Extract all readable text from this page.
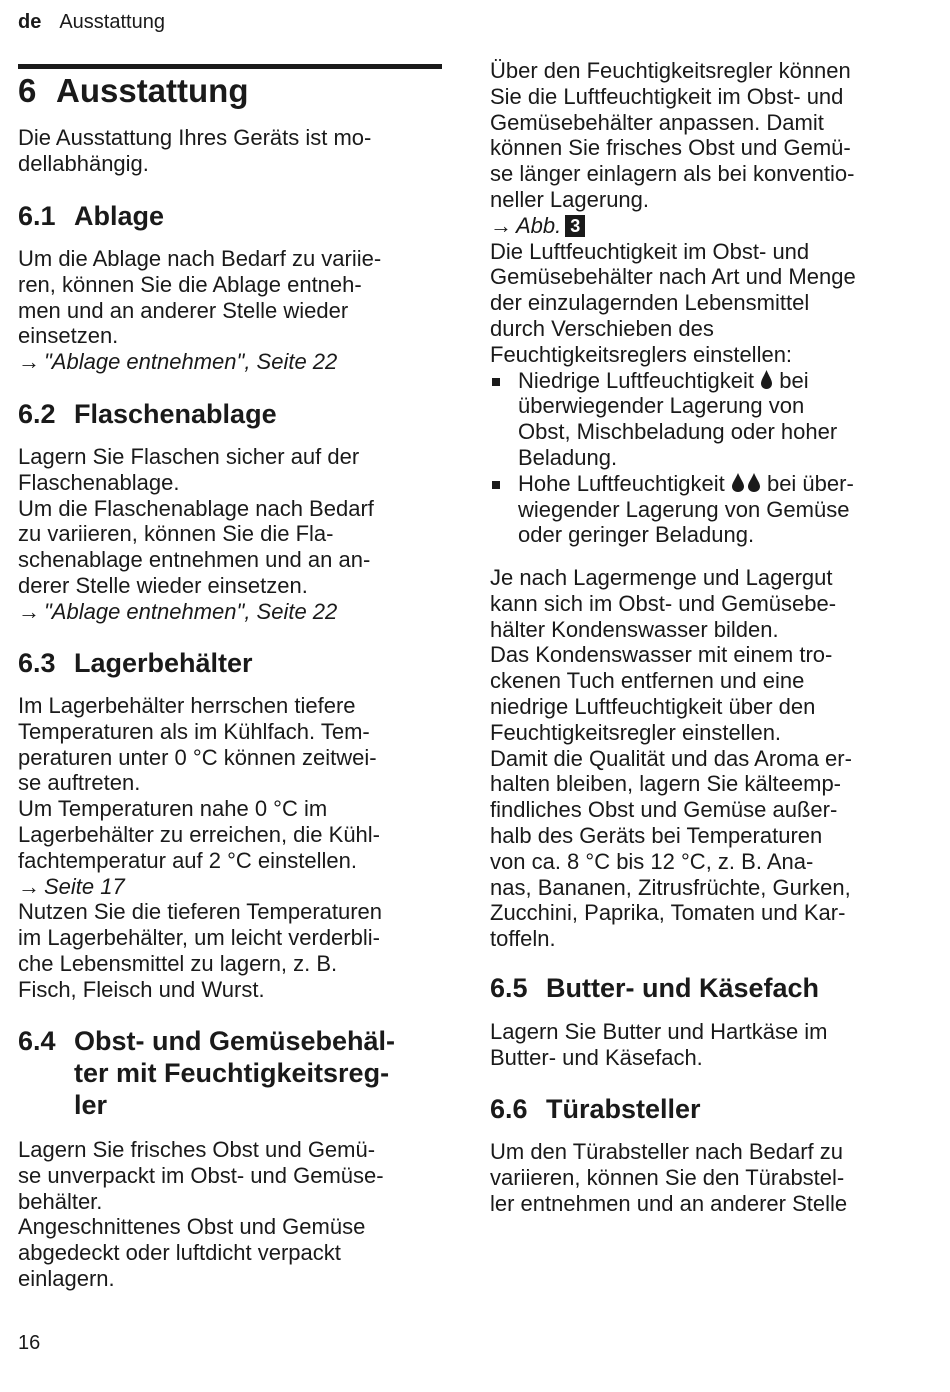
de Ausstattung
6 Ausstattung

Die Ausstattung Ihres Geräts ist mo-

dellabhängig.

6.1 Ablage

Um die Ablage nach Bedarf zu variie-

ren, können Sie die Ablage entneh-

men und an anderer Stelle wieder

einsetzen.

→ "Ablage entnehmen", Seite 22

6.2 Flaschenablage

Lagern Sie Flaschen sicher auf der

Flaschenablage.

Um die Flaschenablage nach Bedarf

zu variieren, können Sie die Fla-

schenablage entnehmen und an an-

derer Stelle wieder einsetzen.

→ "Ablage entnehmen", Seite 22

6.3 Lagerbehälter

Im Lagerbehälter herrschen tiefere

Temperaturen als im Kühlfach. Tem-

peraturen unter 0 °C können zeitwei-

se auftreten.

Um Temperaturen nahe 0 °C im

Lagerbehälter zu erreichen, die Kühl-

fachtemperatur auf 2 °C einstellen.

→ Seite 17

Nutzen Sie die tieferen Temperaturen

im Lagerbehälter, um leicht verderbli-

che Lebensmittel zu lagern, z. B.

Fisch, Fleisch und Wurst.

6.4 Obst- und Gemüsebehäl-
ter mit Feuchtigkeitsreg-
ler

Lagern Sie frisches Obst und Gemü-

se unverpackt im Obst- und Gemüse-

behälter.

Angeschnittenes Obst und Gemüse

abgedeckt oder luftdicht verpackt

einlagern.

Über den Feuchtigkeitsregler können

Sie die Luftfeuchtigkeit im Obst- und

Gemüsebehälter anpassen. Damit

können Sie frisches Obst und Gemü-

se länger einlagern als bei konventio-

neller Lagerung.

→ Abb. 3

Die Luftfeuchtigkeit im Obst- und

Gemüsebehälter nach Art und Menge

der einzulagernden Lebensmittel

durch Verschieben des

Feuchtigkeitsreglers einstellen:

Niedrige Luftfeuchtigkeit bei
überwiegender Lagerung von
Obst, Mischbeladung oder hoher
Beladung.
Hohe Luftfeuchtigkeit bei über-
wiegender Lagerung von Gemüse
oder geringer Beladung.

Je nach Lagermenge und Lagergut

kann sich im Obst- und Gemüsebe-

hälter Kondenswasser bilden.

Das Kondenswasser mit einem tro-

ckenen Tuch entfernen und eine

niedrige Luftfeuchtigkeit über den

Feuchtigkeitsregler einstellen.

Damit die Qualität und das Aroma er-

halten bleiben, lagern Sie kälteemp-

findliches Obst und Gemüse außer-

halb des Geräts bei Temperaturen

von ca. 8 °C bis 12 °C, z. B. Ana-

nas, Bananen, Zitrusfrüchte, Gurken,

Zucchini, Paprika, Tomaten und Kar-

toffeln.

6.5 Butter- und Käsefach

Lagern Sie Butter und Hartkäse im

Butter- und Käsefach.

6.6 Türabsteller

Um den Türabsteller nach Bedarf zu

variieren, können Sie den Türabstel-

ler entnehmen und an anderer Stelle

16
